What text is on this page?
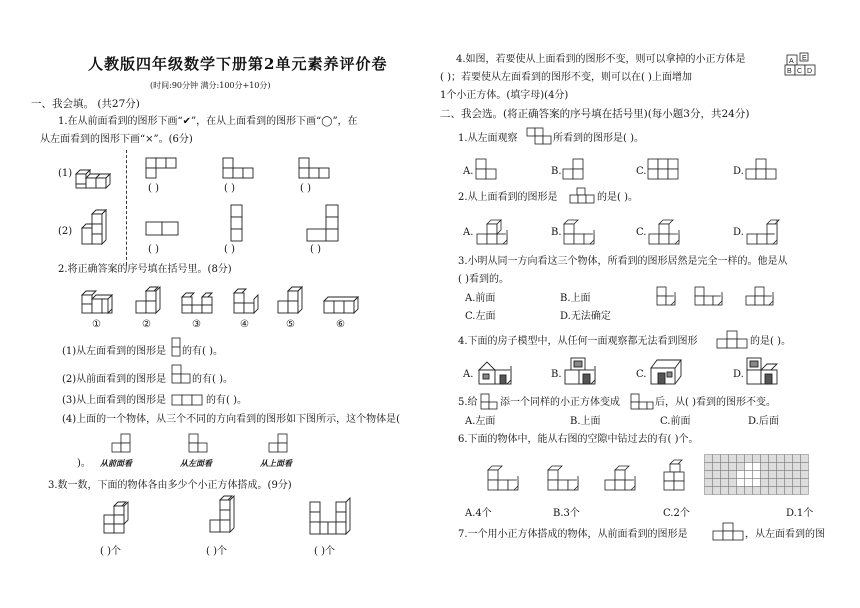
人教版四年级数学下册第2单元素养评价卷
(时间:90分钟 满分:100分+10分)
一、我会填。 (共27分)
1.在从前面看到的图形下画“✔”，在从上面看到的图形下画“◯”，在
从左面看到的图形下画“×”。(6分)
(1)
(2)
( )	( )	( )
( )	( )	( )
2.将正确答案的序号填在括号里。(8分)
①	②	③	④	⑤	⑥
(1)从左面看到的图形是 的有( )。
(2)从前面看到的图形是	的有( )。
(3)从上面看到的图形是	的有( )。
(4)上面的一个物体，从三个不同的方向看到的图形如下图所示，这个物体是(
从前面看	从左面看	从上面看
)。
3.数一数，下面的物体各由多少个小正方体搭成。(9分)
( )个	( )个	( )个
4.如图，若要使从上面看到的图形不变，则可以拿掉的小正方体是	A E
B C D
( )；若要使从左面看到的图形不变，则可以在( )上面增加
1个小正方体。(填字母)(4分)
二、我会选。(将正确答案的序号填在括号里)(每小题3分，共24分)
1.从左面观察	所看到的图形是( )。
A.	B.	C.	D.
2.从上面看到的图形是	的是( )。
A.	B.	C.	D.
3.小明从同一方向看这三个物体，所看到的图形居然是完全一样的。他是从
( )看到的。
A.前面	B.上面
C.左面	D.无法确定
4.下面的房子模型中，从任何一面观察都无法看到图形	的是( )。
A.	B.	C.	D.
5.给 添一个同样的小正方体变成	后，从( )看到的图形不变。
A.左面	B.上面	C.前面	D.后面
6.下面的物体中，能从右图的空隙中钻过去的有( )个。
A.4个	B.3个	C.2个	D.1个
7.一个用小正方体搭成的物体，从前面看到的图形是	，从左面看到的图
